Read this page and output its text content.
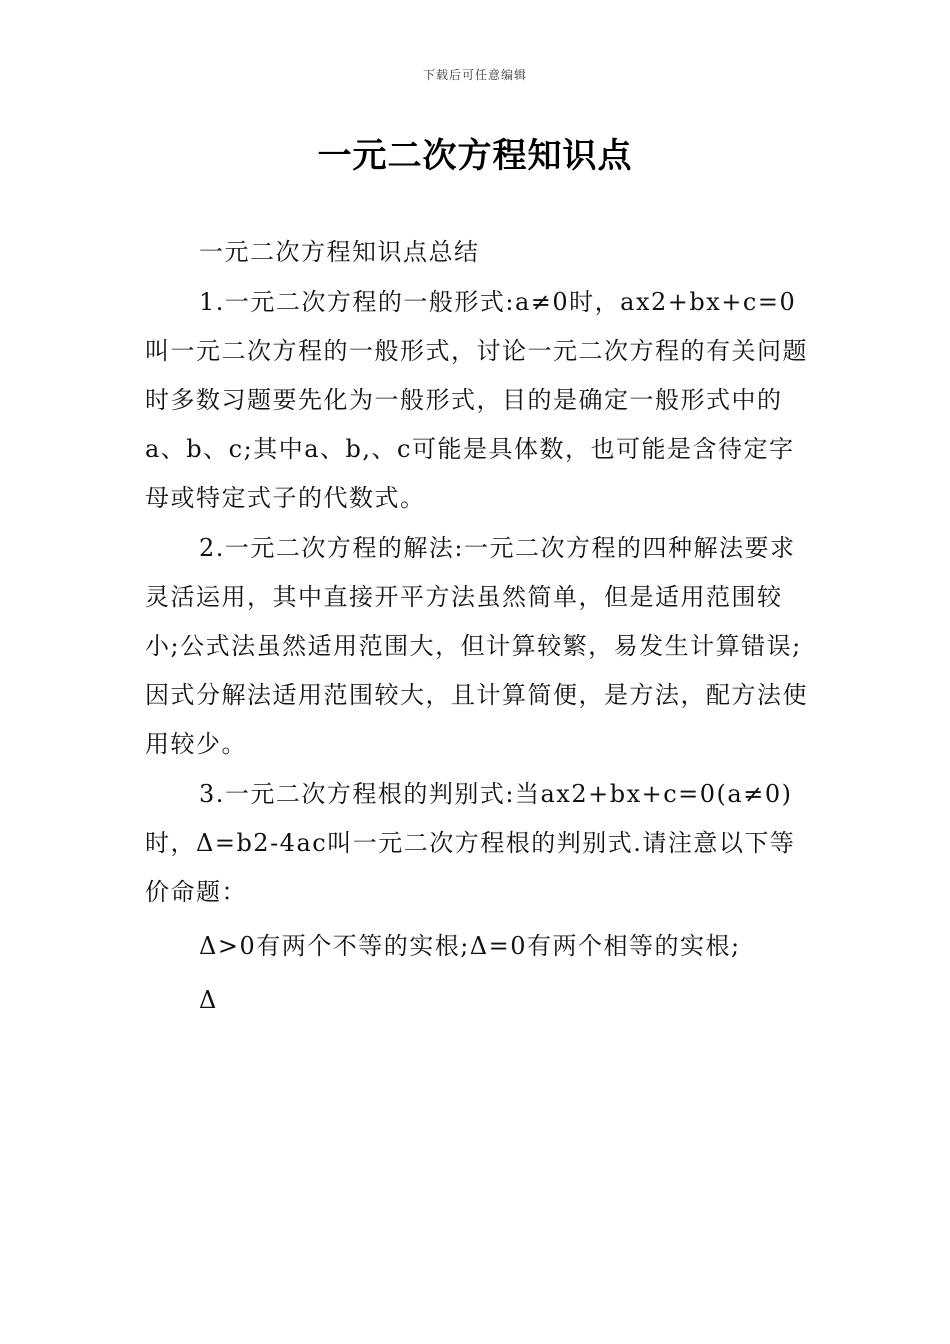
下载后可任意编辑
一元二次方程知识点

一元二次方程知识点总结

1.一元二次方程的一般形式:a≠0时，ax2+bx+c=0叫一元二次方程的一般形式，讨论一元二次方程的有关问题时多数习题要先化为一般形式，目的是确定一般形式中的a、b、c;其中a、b,、c可能是具体数，也可能是含待定字母或特定式子的代数式。

2.一元二次方程的解法:一元二次方程的四种解法要求灵活运用，其中直接开平方法虽然简单，但是适用范围较小;公式法虽然适用范围大，但计算较繁，易发生计算错误;因式分解法适用范围较大，且计算简便，是方法，配方法使用较少。

3.一元二次方程根的判别式:当ax2+bx+c=0(a≠0)时，Δ=b2-4ac叫一元二次方程根的判别式.请注意以下等价命题：

Δ>0有两个不等的实根;Δ=0有两个相等的实根;

Δ
